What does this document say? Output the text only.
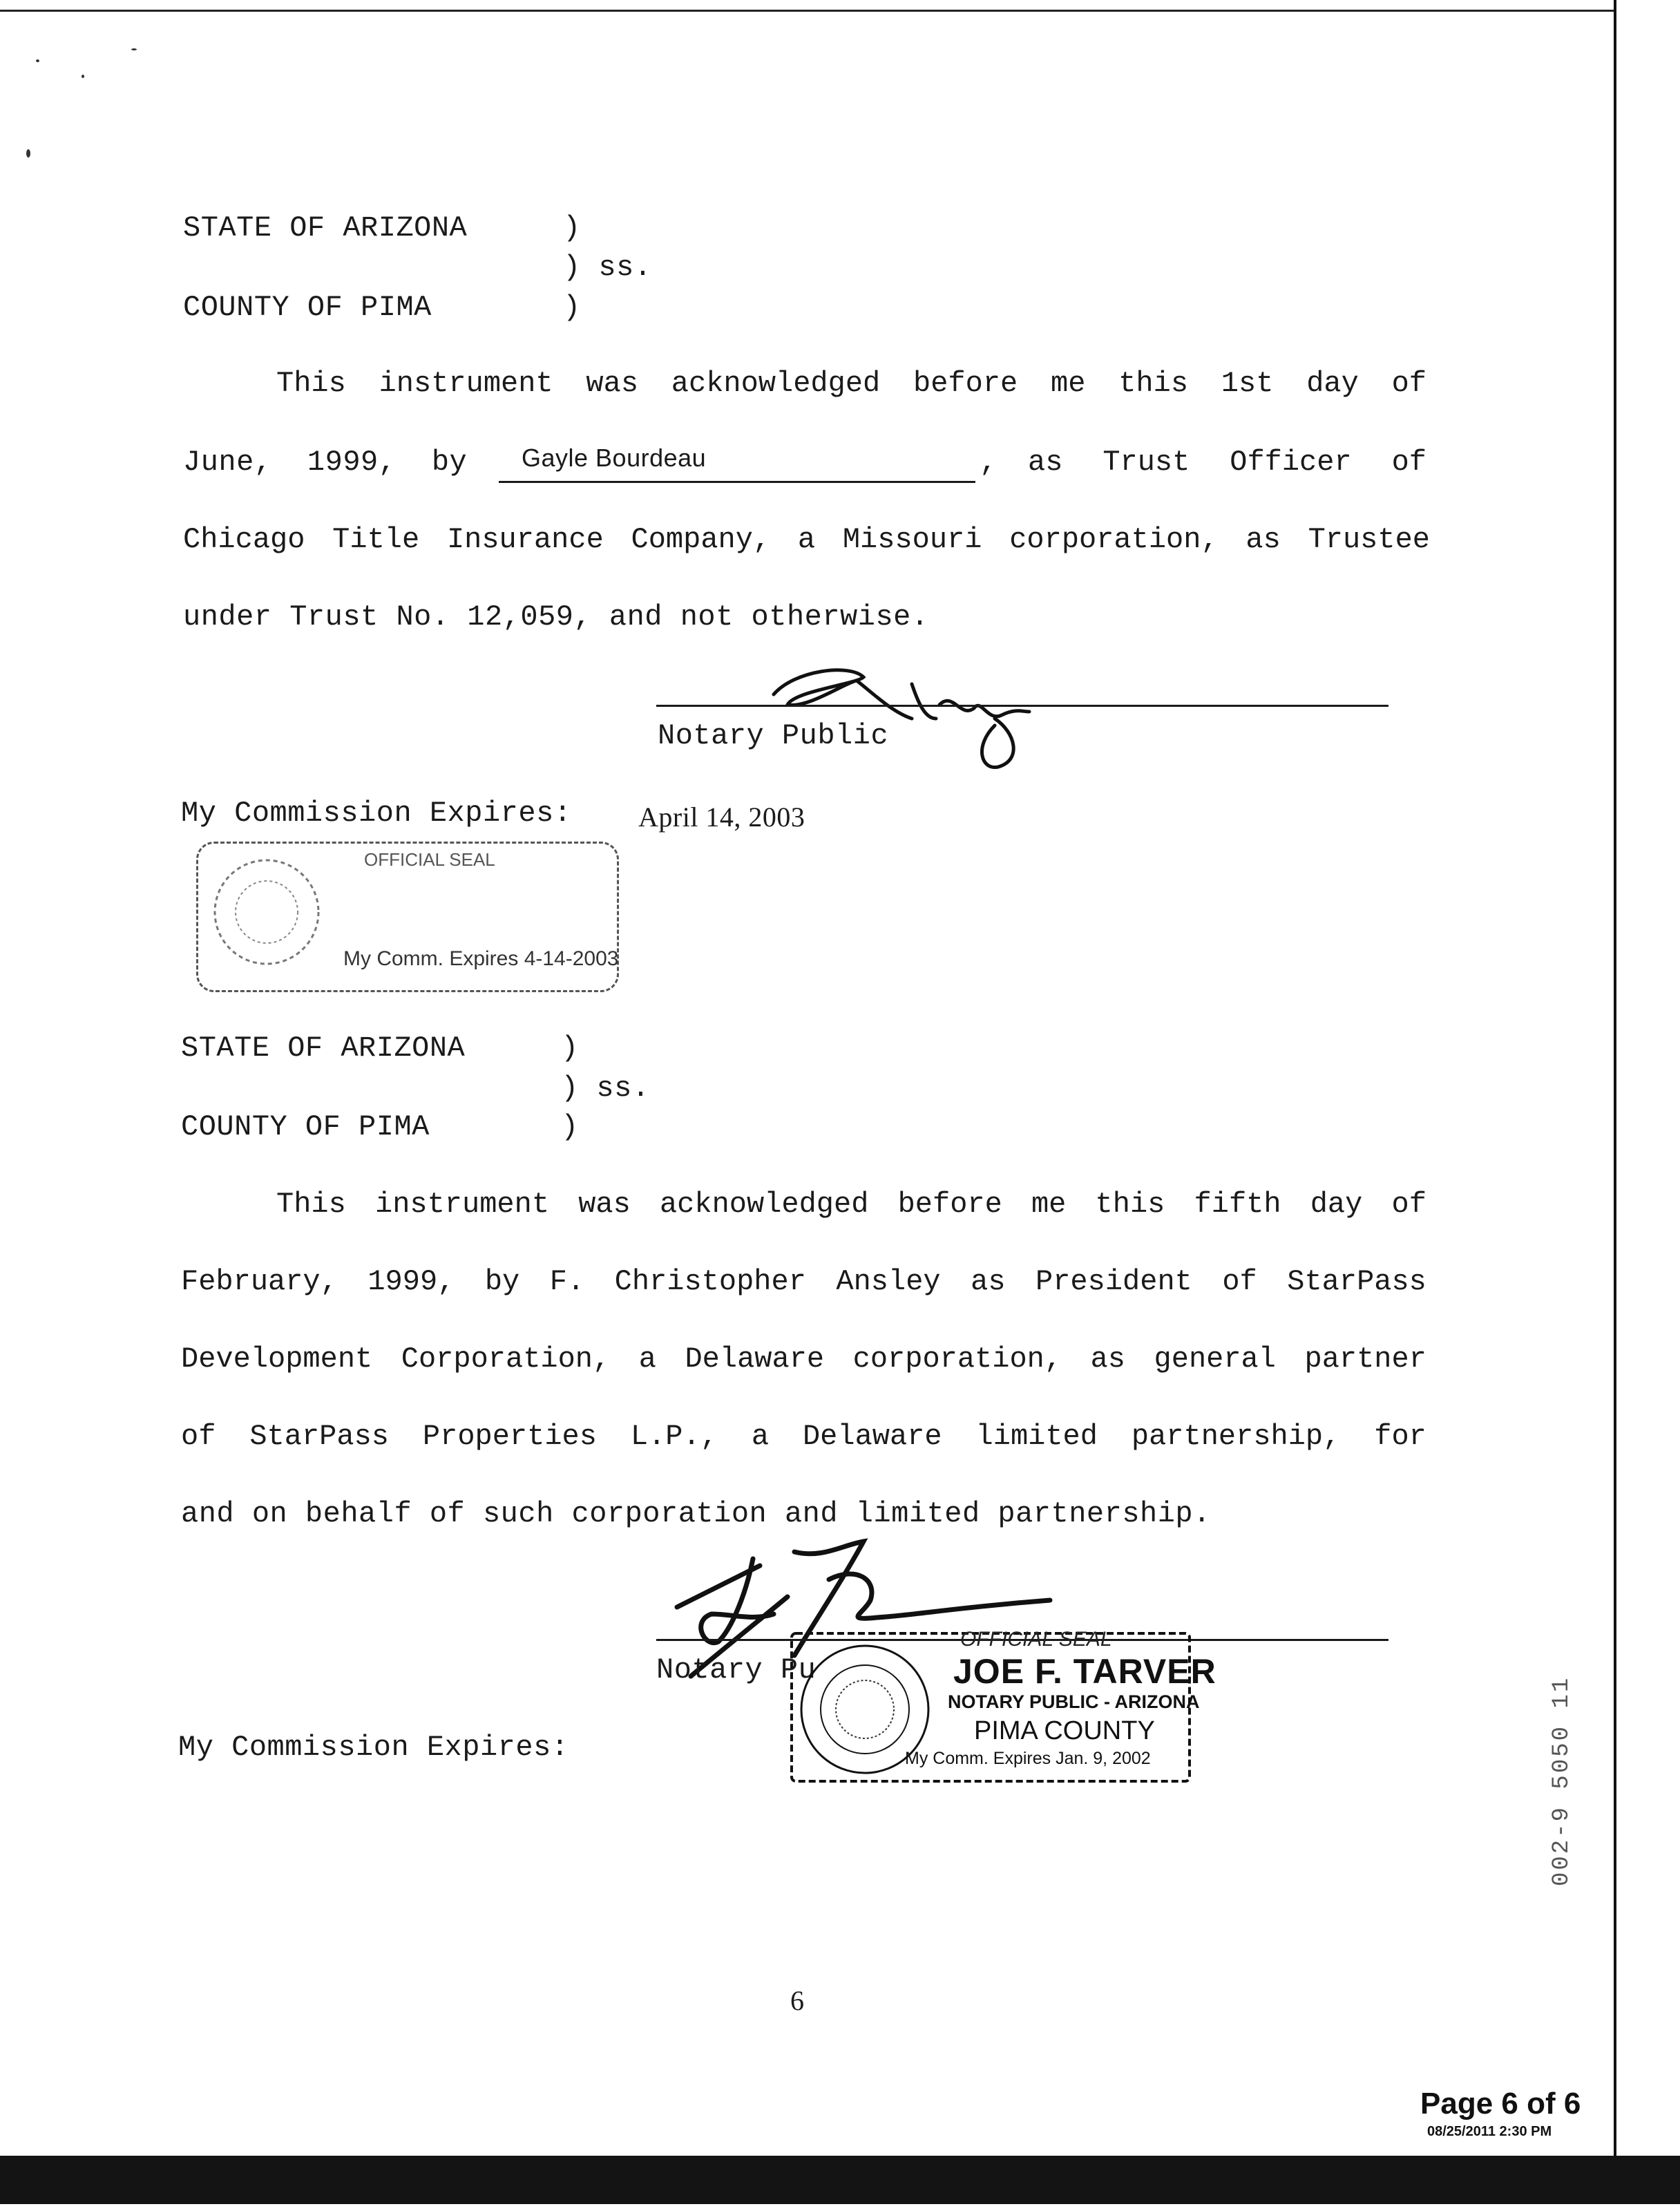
STATE OF ARIZONA	)
) ss.
COUNTY OF PIMA	)
This instrument was acknowledged before me this 1st day of
June,  1999,  by Gayle Bourdeau	, as Trust Officer of
Chicago Title Insurance Company, a Missouri corporation, as Trustee
under Trust No. 12,059, and not otherwise.
Notary Public
My Commission Expires: April 14, 2003
OFFICIAL SEAL
My Comm. Expires 4-14-2003
STATE OF ARIZONA	)
) ss.
COUNTY OF PIMA	)
This instrument was acknowledged before me this fifth day of
February, 1999, by F. Christopher Ansley as President of StarPass
Development Corporation, a Delaware corporation, as general partner
of StarPass Properties L.P., a Delaware limited partnership, for
and on behalf of such corporation and limited partnership.
Notary Pu
My Commission Expires:
OFFICIAL SEAL
JOE F. TARVER
NOTARY PUBLIC - ARIZONA
PIMA COUNTY
My Comm. Expires Jan. 9, 2002	002-9 5050 11
6
Page 6 of 6
08/25/2011 2:30 PM
